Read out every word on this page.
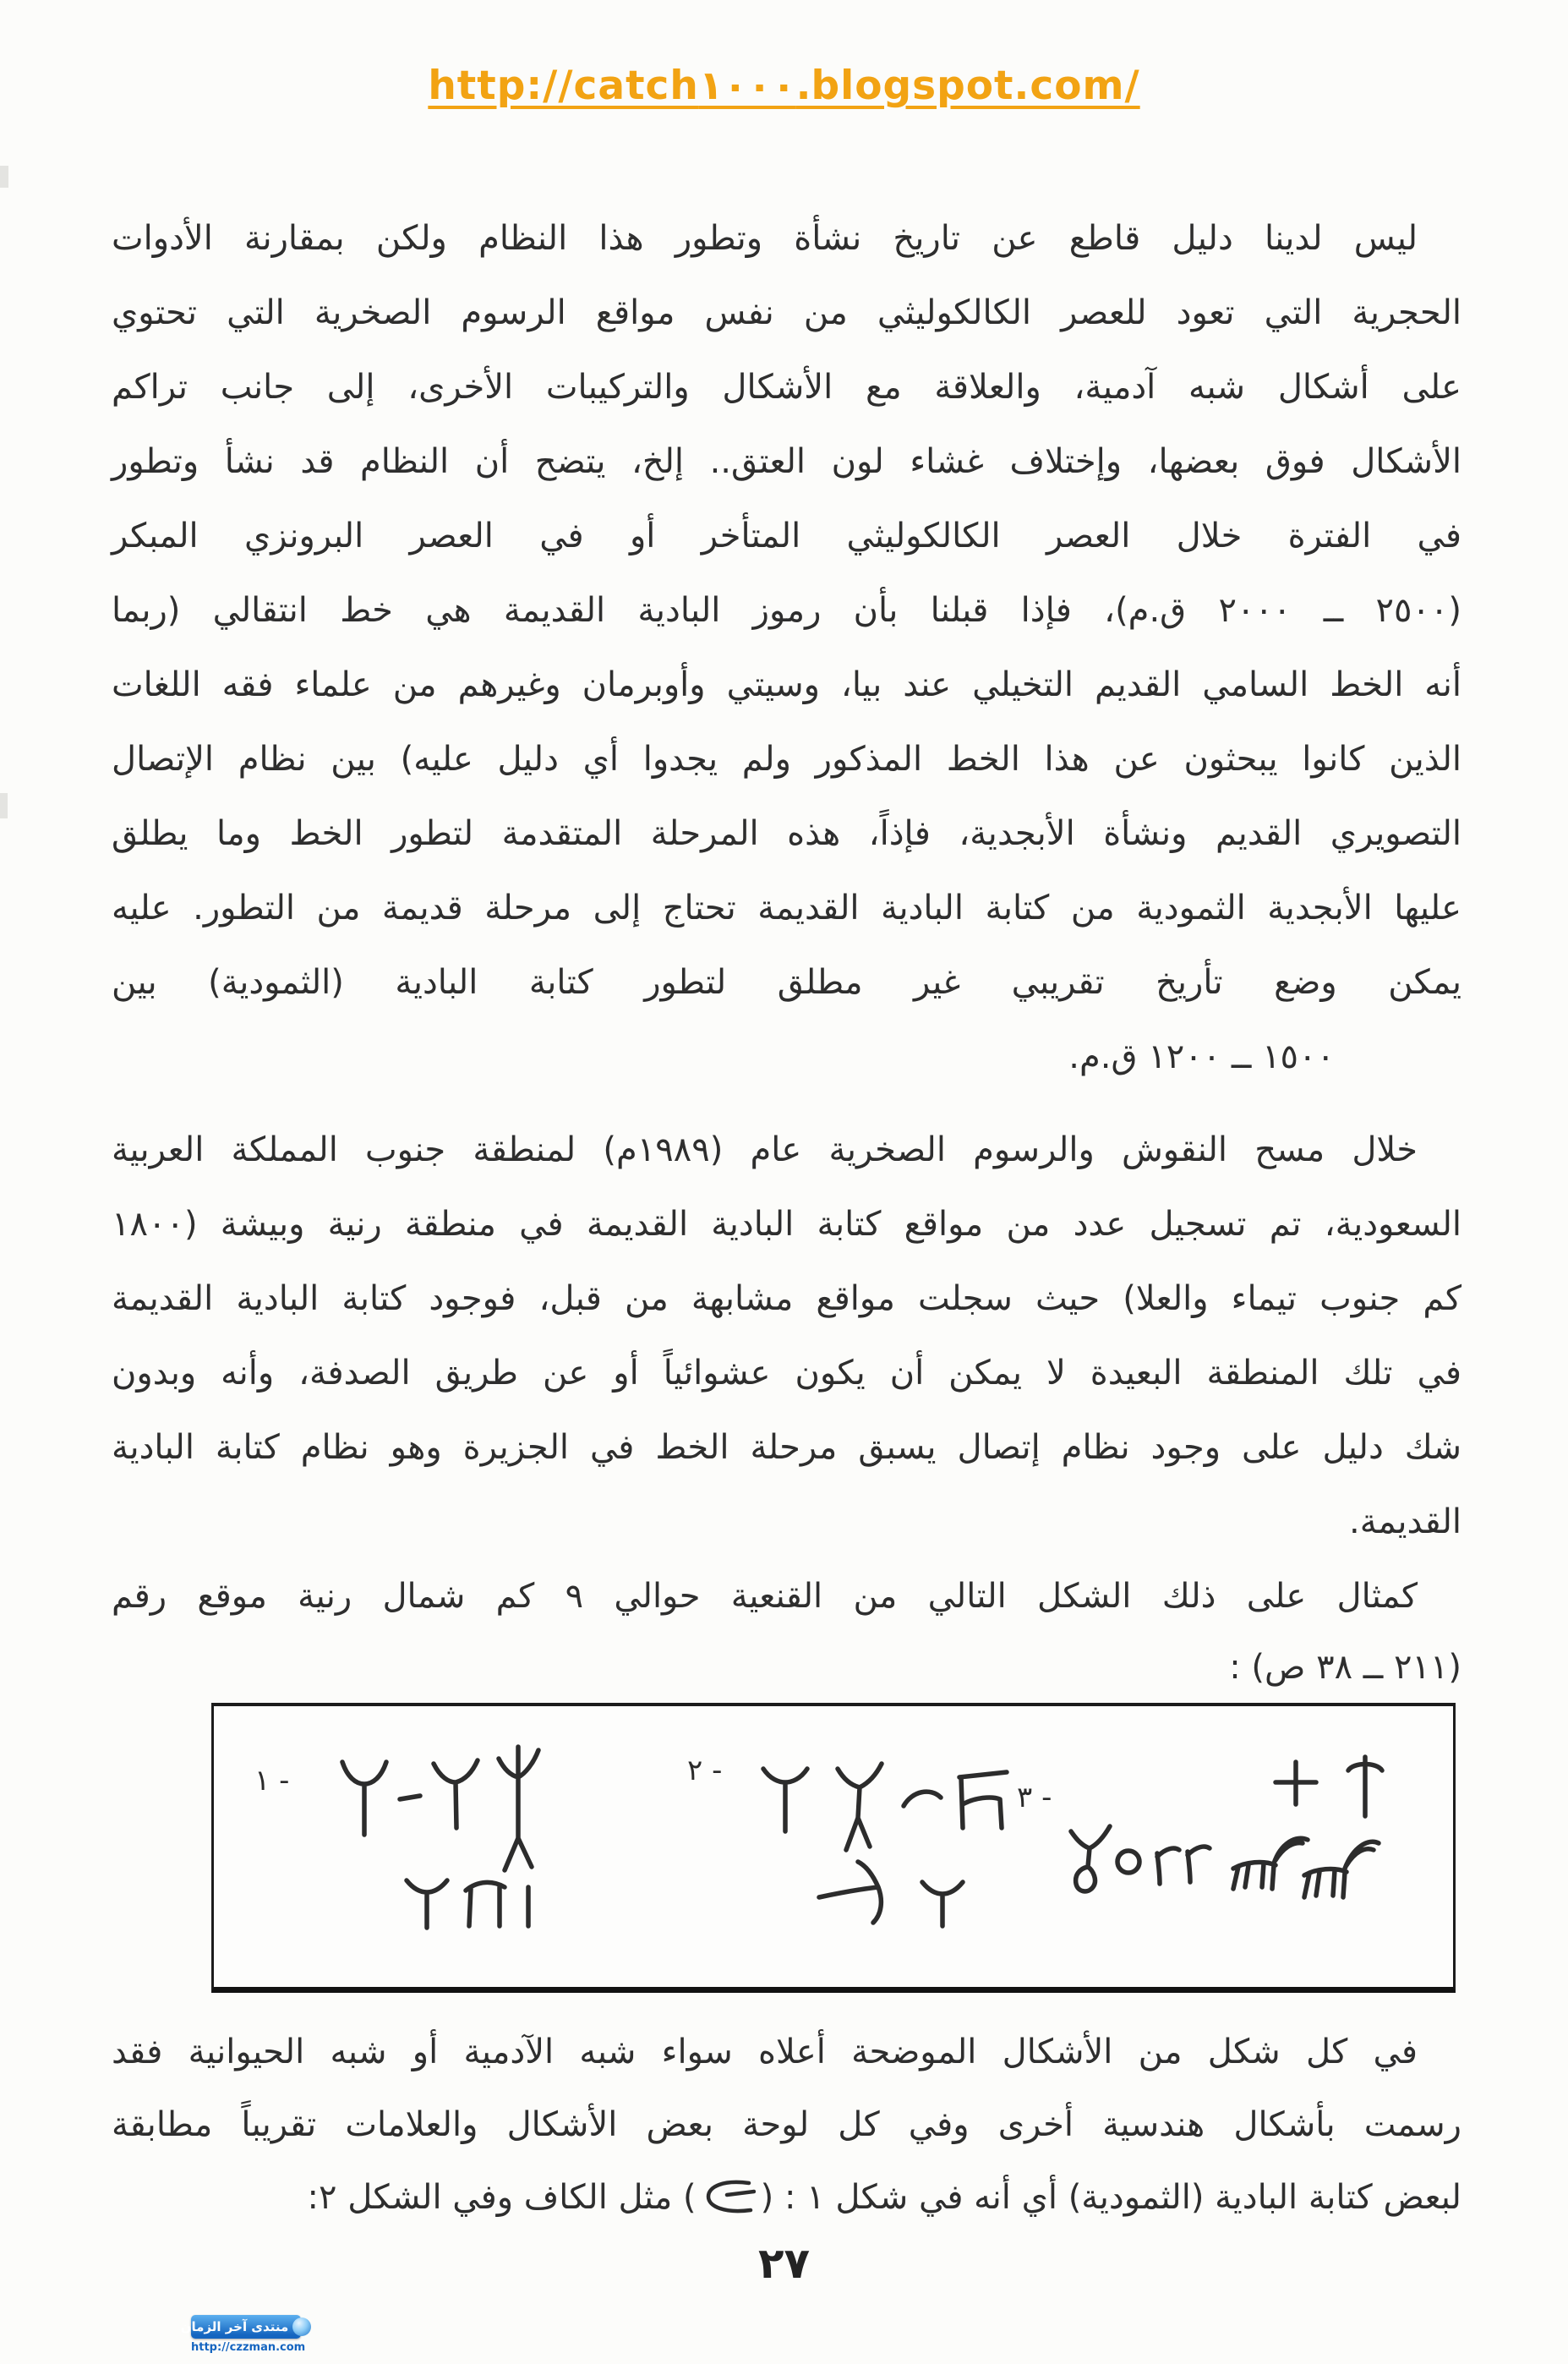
http://catch١٠٠٠.blogspot.com/
ليس لدينا دليل قاطع عن تاريخ نشأة وتطور هذا النظام ولكن بمقارنة الأدوات
الحجرية التي تعود للعصر الكالكوليثي من نفس مواقع الرسوم الصخرية التي تحتوي
على أشكال شبه آدمية، والعلاقة مع الأشكال والتركيبات الأخرى، إلى جانب تراكم
الأشكال فوق بعضها، وإختلاف غشاء لون العتق.. إلخ، يتضح أن النظام قد نشأ وتطور
في الفترة خلال العصر الكالكوليثي المتأخر أو في العصر البرونزي المبكر
(٢٥٠٠ ــ ٢٠٠٠ ق.م)، فإذا قبلنا بأن رموز البادية القديمة هي خط انتقالي (ربما
أنه الخط السامي القديم التخيلي عند بيا، وسيتي وأوبرمان وغيرهم من علماء فقه اللغات
الذين كانوا يبحثون عن هذا الخط المذكور ولم يجدوا أي دليل عليه) بين نظام الإتصال
التصويري القديم ونشأة الأبجدية، فإذاً، هذه المرحلة المتقدمة لتطور الخط وما يطلق
عليها الأبجدية الثمودية من كتابة البادية القديمة تحتاج إلى مرحلة قديمة من التطور. عليه
يمكن وضع تأريخ تقريبي غير مطلق لتطور كتابة البادية (الثمودية) بين
١٥٠٠ ــ ١٢٠٠ ق.م.
خلال مسح النقوش والرسوم الصخرية عام (١٩٨٩م) لمنطقة جنوب المملكة العربية
السعودية، تم تسجيل عدد من مواقع كتابة البادية القديمة في منطقة رنية وبيشة (١٨٠٠
كم جنوب تيماء والعلا) حيث سجلت مواقع مشابهة من قبل، فوجود كتابة البادية القديمة
في تلك المنطقة البعيدة لا يمكن أن يكون عشوائياً أو عن طريق الصدفة، وأنه وبدون
شك دليل على وجود نظام إتصال يسبق مرحلة الخط في الجزيرة وهو نظام كتابة البادية
القديمة.
كمثال على ذلك الشكل التالي من القنعية حوالي ٩ كم شمال رنية موقع رقم
(٢١١ ــ ٣٨ ص) :
١ -	٢ -
٣ -
في كل شكل من الأشكال الموضحة أعلاه سواء شبه الآدمية أو شبه الحيوانية فقد
رسمت بأشكال هندسية أخرى وفي كل لوحة بعض الأشكال والعلامات تقريباً مطابقة
لبعض كتابة البادية (الثمودية) أي أنه في شكل ١ : () مثل الكاف وفي الشكل ٢:
٢٧
منتدى آخر الزمان
http://czzman.com
